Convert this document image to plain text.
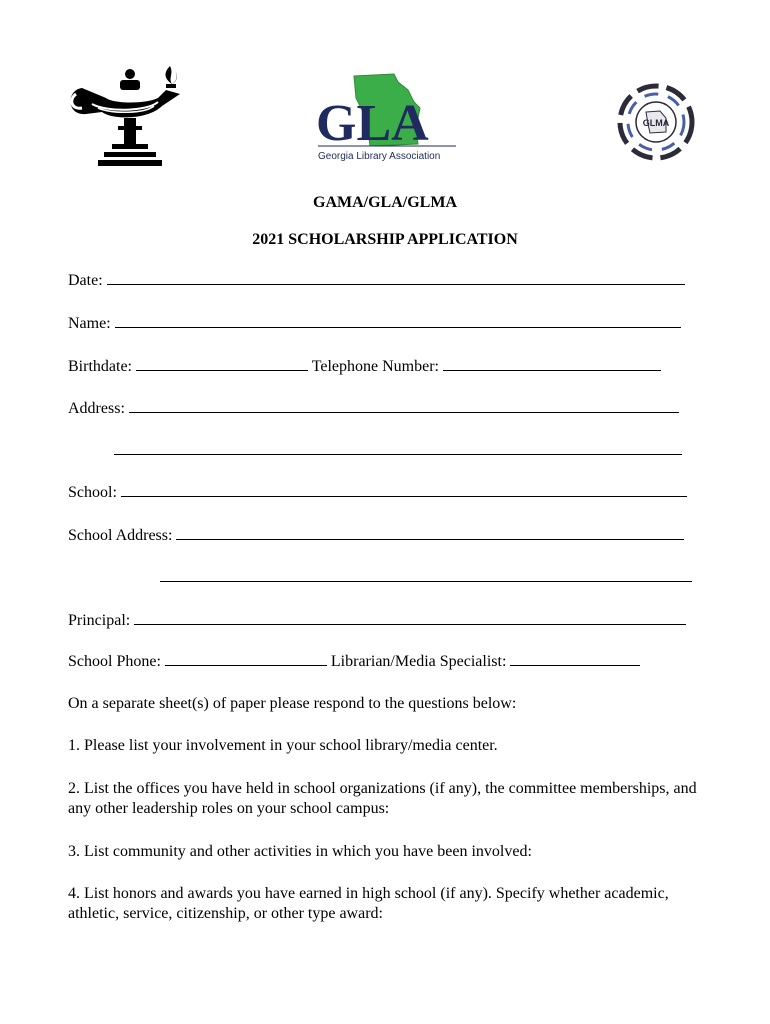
GLA
Georgia Library Association
GLMA
GAMA/GLA/GLMA
2021 SCHOLARSHIP APPLICATION
Date:
Name:
Birthdate:	Telephone Number:
Address:
School:
School Address:
Principal:
School Phone:	Librarian/Media Specialist:
On a separate sheet(s) of paper please respond to the questions below:
1. Please list your involvement in your school library/media center.
2. List the offices you have held in school organizations (if any), the committee memberships, and any other leadership roles on your school campus:
3. List community and other activities in which you have been involved:
4. List honors and awards you have earned in high school (if any). Specify whether academic, athletic, service, citizenship, or other type award:
